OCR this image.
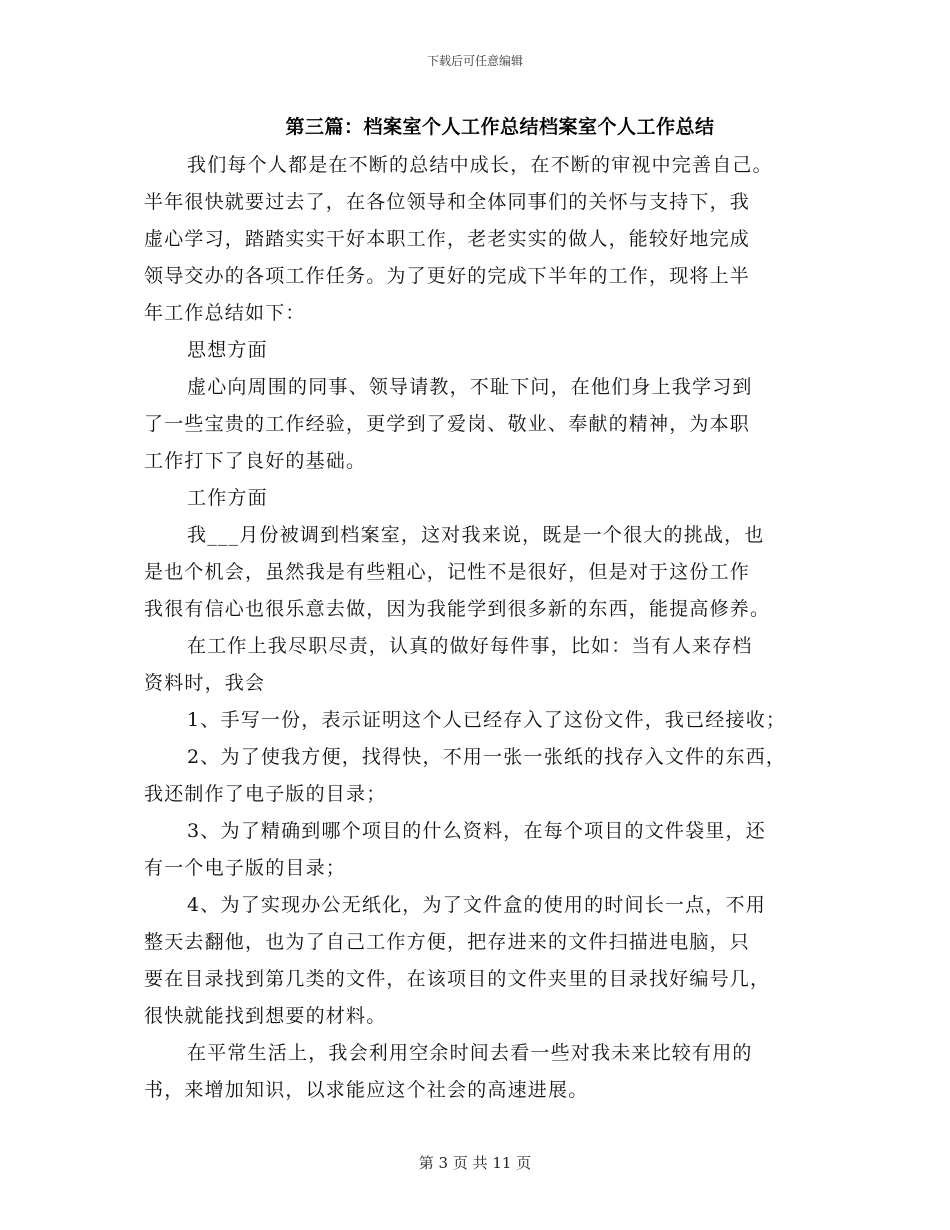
下载后可任意编辑
第三篇：档案室个人工作总结档案室个人工作总结

我们每个人都是在不断的总结中成长，在不断的审视中完善自己。

半年很快就要过去了，在各位领导和全体同事们的关怀与支持下，我

虚心学习，踏踏实实干好本职工作，老老实实的做人，能较好地完成

领导交办的各项工作任务。为了更好的完成下半年的工作，现将上半

年工作总结如下：

思想方面

虚心向周围的同事、领导请教，不耻下问，在他们身上我学习到

了一些宝贵的工作经验，更学到了爱岗、敬业、奉献的精神，为本职

工作打下了良好的基础。

工作方面

我___月份被调到档案室，这对我来说，既是一个很大的挑战，也

是也个机会，虽然我是有些粗心，记性不是很好，但是对于这份工作

我很有信心也很乐意去做，因为我能学到很多新的东西，能提高修养。

在工作上我尽职尽责，认真的做好每件事，比如：当有人来存档

资料时，我会

1、手写一份，表示证明这个人已经存入了这份文件，我已经接收；

2、为了使我方便，找得快，不用一张一张纸的找存入文件的东西，

我还制作了电子版的目录；

3、为了精确到哪个项目的什么资料，在每个项目的文件袋里，还

有一个电子版的目录；

4、为了实现办公无纸化，为了文件盒的使用的时间长一点，不用

整天去翻他，也为了自己工作方便，把存进来的文件扫描进电脑，只

要在目录找到第几类的文件，在该项目的文件夹里的目录找好编号几，

很快就能找到想要的材料。

在平常生活上，我会利用空余时间去看一些对我未来比较有用的

书，来增加知识，以求能应这个社会的高速进展。

第 3 页 共 11 页
